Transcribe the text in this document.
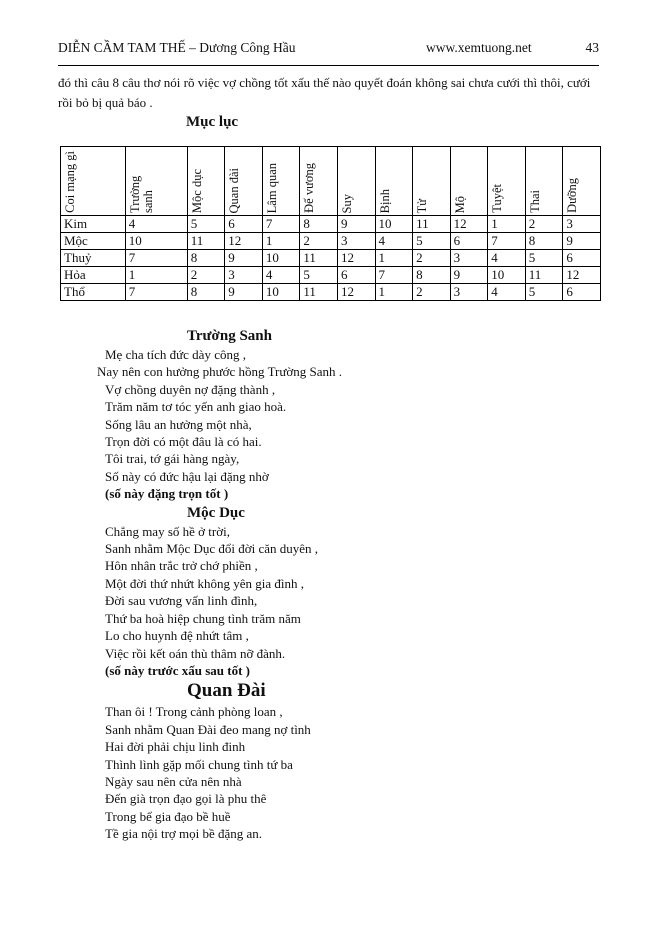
DIỄN CẦM TAM THẾ – Dương Công Hầu	www.xemtuong.net	43
đó thì câu 8 câu thơ nói rõ việc vợ chồng tốt xấu thế nào quyết đoán không sai chưa cưới thì thôi, cưới rồi bỏ bị quả báo .
Mục lục
Coi mạng gì	Trường sanh	Mộc dục	Quan đài	Lâm quan	Đế vương	Suy	Bịnh	Tử	Mộ	Tuyệt	Thai	Dưỡng

Kim	4	5	6	7	8	9	10	11	12	1	2	3
Mộc	10	11	12	1	2	3	4	5	6	7	8	9
Thuỷ	7	8	9	10	11	12	1	2	3	4	5	6
Hỏa	1	2	3	4	5	6	7	8	9	10	11	12
Thổ	7	8	9	10	11	12	1	2	3	4	5	6
Trường Sanh
Mẹ cha tích đức dày công ,
Nay nên con hưởng phước hồng Trường Sanh .
Vợ chồng duyên nợ đặng thành ,
Trăm năm tơ tóc yến anh giao hoà.
Sống lâu an hưởng một nhà,
Trọn đời có một đâu là có hai.
Tôi trai, tớ gái hàng ngày,
Số này có đức hậu lại đặng nhờ
(số này đặng trọn tốt )
Mộc Dục
Chẳng may số hề ở trời,
Sanh nhằm Mộc Dục đổi đời căn duyên ,
Hôn nhân trắc trở chớ phiền ,
Một đời thứ nhứt không yên gia đình ,
Đời sau vương vấn linh đình,
Thứ ba hoà hiệp chung tình trăm năm
Lo cho huynh đệ nhứt tâm ,
Việc rồi kết oán thù thâm nỡ đành.
(số này trước xấu sau tốt )
Quan Đài
Than ôi ! Trong cảnh phòng loan ,
Sanh nhằm Quan Đài đeo mang nợ tình
Hai đời phải chịu linh đinh
Thình lình gặp mối chung tình tứ ba
Ngày sau nên cửa nên nhà
Đến già trọn đạo gọi là phu thê
Trong bể gia đạo bề huề
Tề gia nội trợ mọi bề đặng an.
